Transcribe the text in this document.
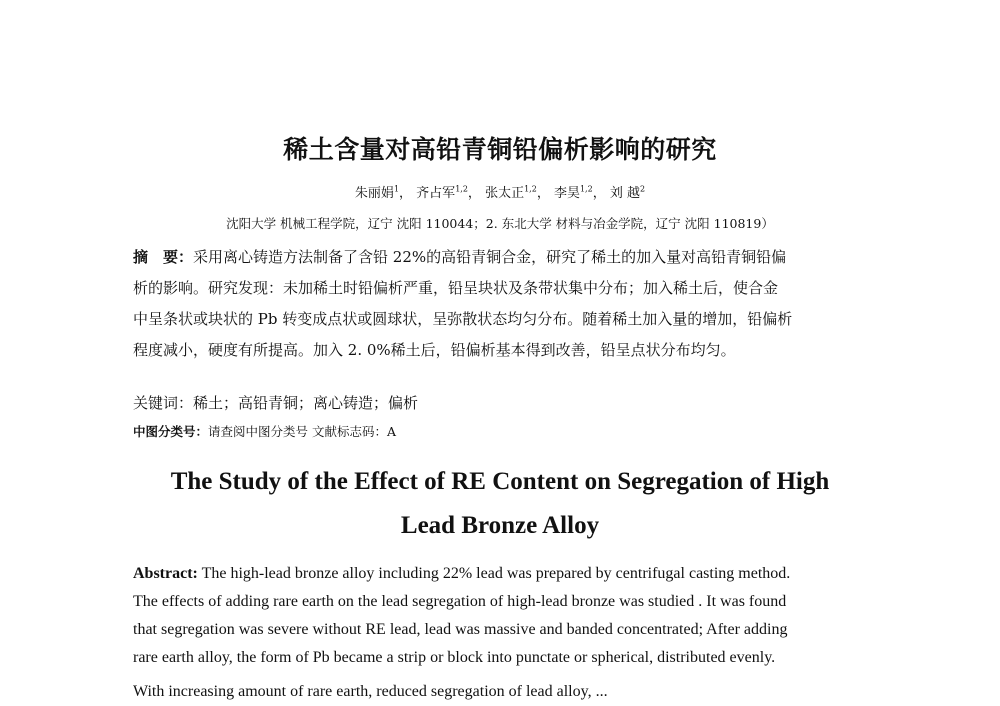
稀土含量对高铅青铜铅偏析影响的研究
朱丽娟$^1$， 齐占军$^{1,2}$， 张太正$^{1,2}$， 李昊$^{1,2}$， 刘 越$^2$
沈阳大学 机械工程学院，辽宁 沈阳 110044；2. 东北大学 材料与冶金学院，辽宁 沈阳 110819）
摘　要：采用离心铸造方法制备了含铅 22%的高铅青铜合金，研究了稀土的加入量对高铅青铜铅偏
析的影响。研究发现：未加稀土时铅偏析严重，铅呈块状及条带状集中分布；加入稀土后，使合金
中呈条状或块状的 Pb 转变成点状或圆球状，呈弥散状态均匀分布。随着稀土加入量的增加，铅偏析
程度减小，硬度有所提高。加入 2. 0%稀土后，铅偏析基本得到改善，铅呈点状分布均匀。
关键词：稀土；高铅青铜；离心铸造；偏析
中图分类号：请查阅中图分类号 文献标志码：A
The Study of the Effect of RE Content on Segregation of High
Lead Bronze Alloy
Abstract: The high-lead bronze alloy including 22% lead was prepared by centrifugal casting method.
The effects of adding rare earth on the lead segregation of high-lead bronze was studied . It was found
that segregation was severe without RE lead, lead was massive and banded concentrated; After adding
rare earth alloy, the form of Pb became a strip or block into punctate or spherical, distributed evenly.
With increasing amount of rare earth, reduced segregation of lead alloy, ...
